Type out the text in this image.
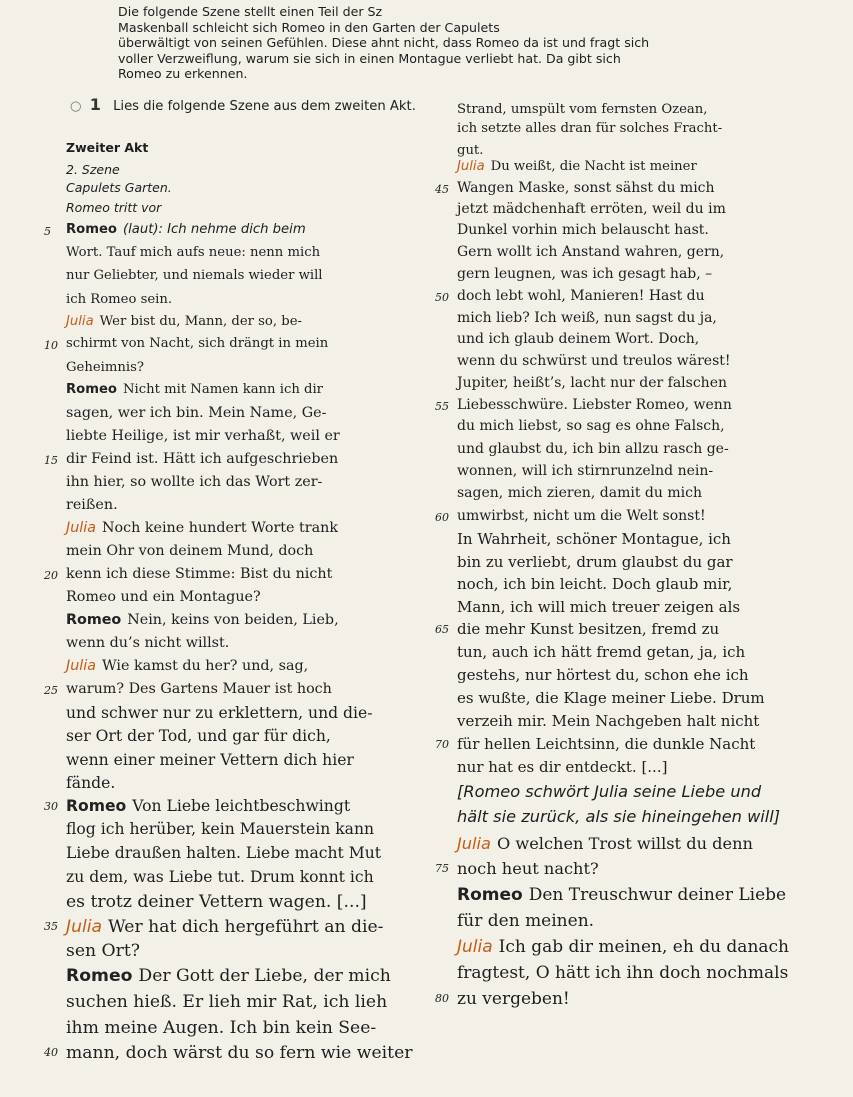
Die folgende Szene stellt einen Teil der Sz
Maskenball schleicht sich Romeo in den Garten der Capulets
überwältigt von seinen Gefühlen. Diese ahnt nicht, dass Romeo da ist und fragt sich
voller Verzweiflung, warum sie sich in einen Montague verliebt hat. Da gibt sich
Romeo zu erkennen.
○ 1 Lies die folgende Szene aus dem zweiten Akt.
Zweiter Akt
2. Szene
Capulets Garten.
Romeo tritt vor
5 Romeo (laut): Ich nehme dich beim
Wort. Tauf mich aufs neue: nenn mich
nur Geliebter, und niemals wieder will
ich Romeo sein.
Julia Wer bist du, Mann, der so, be-
10 schirmt von Nacht, sich drängt in mein
Geheimnis?
Romeo Nicht mit Namen kann ich dir
sagen, wer ich bin. Mein Name, Ge-
liebte Heilige, ist mir verhaßt, weil er
15 dir Feind ist. Hätt ich aufgeschrieben
ihn hier, so wollte ich das Wort zer-
reißen.
Julia Noch keine hundert Worte trank
mein Ohr von deinem Mund, doch
20 kenn ich diese Stimme: Bist du nicht
Romeo und ein Montague?
Romeo Nein, keins von beiden, Lieb,
wenn du’s nicht willst.
Julia Wie kamst du her? und, sag,
25 warum? Des Gartens Mauer ist hoch
und schwer nur zu erklettern, und die-
ser Ort der Tod, und gar für dich,
wenn einer meiner Vettern dich hier
fände.
30 Romeo Von Liebe leichtbeschwingt
flog ich herüber, kein Mauerstein kann
Liebe draußen halten. Liebe macht Mut
zu dem, was Liebe tut. Drum konnt ich
es trotz deiner Vettern wagen. [...]
35 Julia Wer hat dich hergeführt an die-
sen Ort?
Romeo Der Gott der Liebe, der mich
suchen hieß. Er lieh mir Rat, ich lieh
ihm meine Augen. Ich bin kein See-
40 mann, doch wärst du so fern wie weiter
Strand, umspült vom fernsten Ozean,
ich setzte alles dran für solches Fracht-
gut.
Julia Du weißt, die Nacht ist meiner
45 Wangen Maske, sonst sähst du mich
jetzt mädchenhaft erröten, weil du im
Dunkel vorhin mich belauscht hast.
Gern wollt ich Anstand wahren, gern,
gern leugnen, was ich gesagt hab, –
50 doch lebt wohl, Manieren! Hast du
mich lieb? Ich weiß, nun sagst du ja,
und ich glaub deinem Wort. Doch,
wenn du schwürst und treulos wärest!
Jupiter, heißt’s, lacht nur der falschen
55 Liebesschwüre. Liebster Romeo, wenn
du mich liebst, so sag es ohne Falsch,
und glaubst du, ich bin allzu rasch ge-
wonnen, will ich stirnrunzelnd nein-
sagen, mich zieren, damit du mich
60 umwirbst, nicht um die Welt sonst!
In Wahrheit, schöner Montague, ich
bin zu verliebt, drum glaubst du gar
noch, ich bin leicht. Doch glaub mir,
Mann, ich will mich treuer zeigen als
65 die mehr Kunst besitzen, fremd zu
tun, auch ich hätt fremd getan, ja, ich
gestehs, nur hörtest du, schon ehe ich
es wußte, die Klage meiner Liebe. Drum
verzeih mir. Mein Nachgeben halt nicht
70 für hellen Leichtsinn, die dunkle Nacht
nur hat es dir entdeckt. [...]
[Romeo schwört Julia seine Liebe und
hält sie zurück, als sie hineingehen will]
Julia O welchen Trost willst du denn
75 noch heut nacht?
Romeo Den Treuschwur deiner Liebe
für den meinen.
Julia Ich gab dir meinen, eh du danach
fragtest, O hätt ich ihn doch nochmals
80 zu vergeben!
